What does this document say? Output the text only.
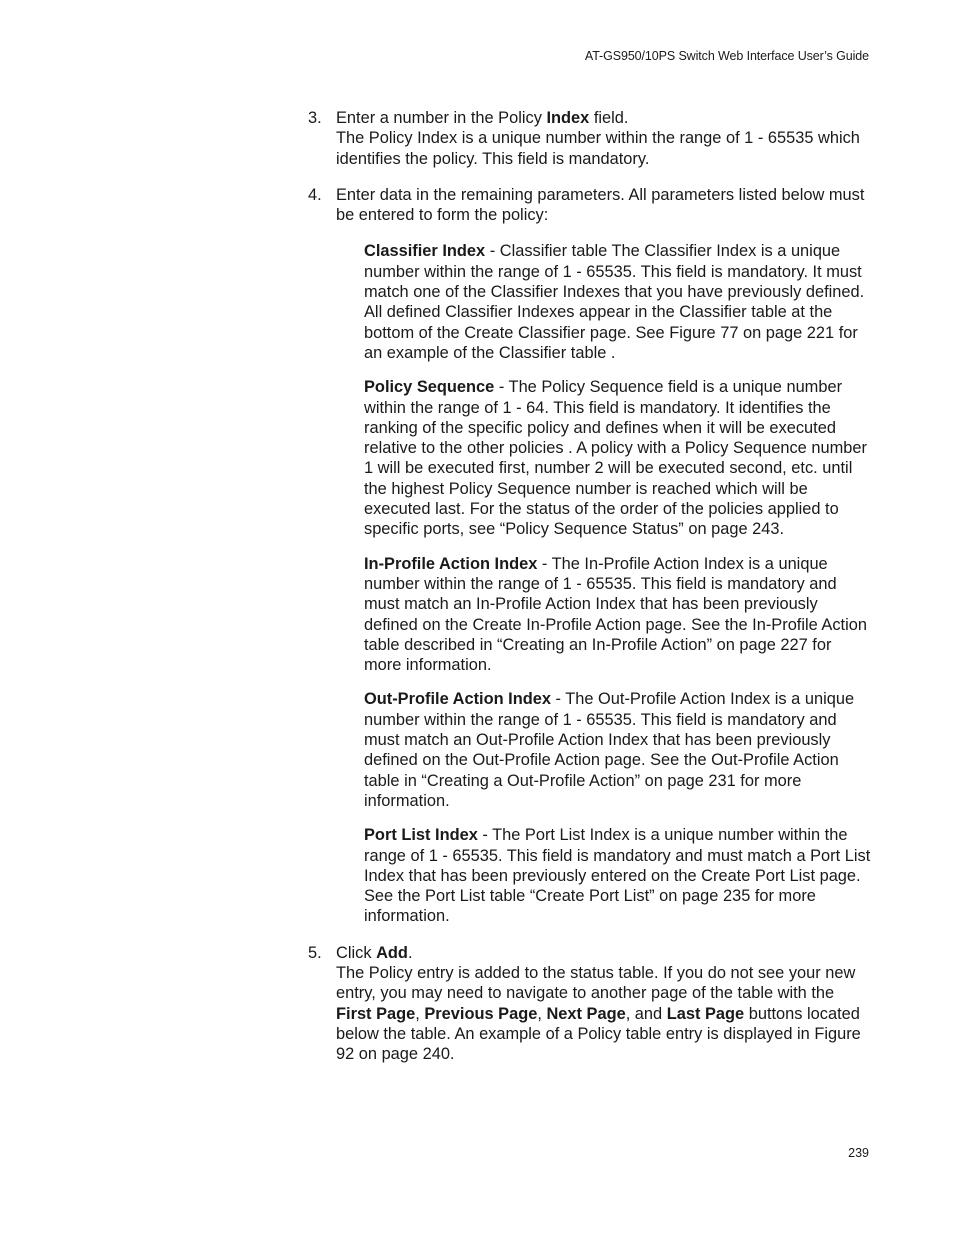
AT-GS950/10PS Switch Web Interface User’s Guide
3. Enter a number in the Policy Index field.

The Policy Index is a unique number within the range of 1 - 65535 which identifies the policy. This field is mandatory.

4. Enter data in the remaining parameters. All parameters listed below must be entered to form the policy:

Classifier Index - Classifier table The Classifier Index is a unique number within the range of 1 - 65535. This field is mandatory. It must match one of the Classifier Indexes that you have previously defined. All defined Classifier Indexes appear in the Classifier table at the bottom of the Create Classifier page. See Figure 77 on page 221 for an example of the Classifier table .

Policy Sequence - The Policy Sequence field is a unique number within the range of 1 - 64. This field is mandatory. It identifies the ranking of the specific policy and defines when it will be executed relative to the other policies . A policy with a Policy Sequence number 1 will be executed first, number 2 will be executed second, etc. until the highest Policy Sequence number is reached which will be executed last. For the status of the order of the policies applied to specific ports, see “Policy Sequence Status” on page 243.

In-Profile Action Index - The In-Profile Action Index is a unique number within the range of 1 - 65535. This field is mandatory and must match an In-Profile Action Index that has been previously defined on the Create In-Profile Action page. See the In-Profile Action table described in “Creating an In-Profile Action” on page 227 for more information.

Out-Profile Action Index - The Out-Profile Action Index is a unique number within the range of 1 - 65535. This field is mandatory and must match an Out-Profile Action Index that has been previously defined on the Out-Profile Action page. See the Out-Profile Action table in “Creating a Out-Profile Action” on page 231 for more information.

Port List Index - The Port List Index is a unique number within the range of 1 - 65535. This field is mandatory and must match a Port List Index that has been previously entered on the Create Port List page. See the Port List table “Create Port List” on page 235 for more information.

5. Click Add.

The Policy entry is added to the status table. If you do not see your new entry, you may need to navigate to another page of the table with the First Page, Previous Page, Next Page, and Last Page buttons located below the table. An example of a Policy table entry is displayed in Figure 92 on page 240.

239
